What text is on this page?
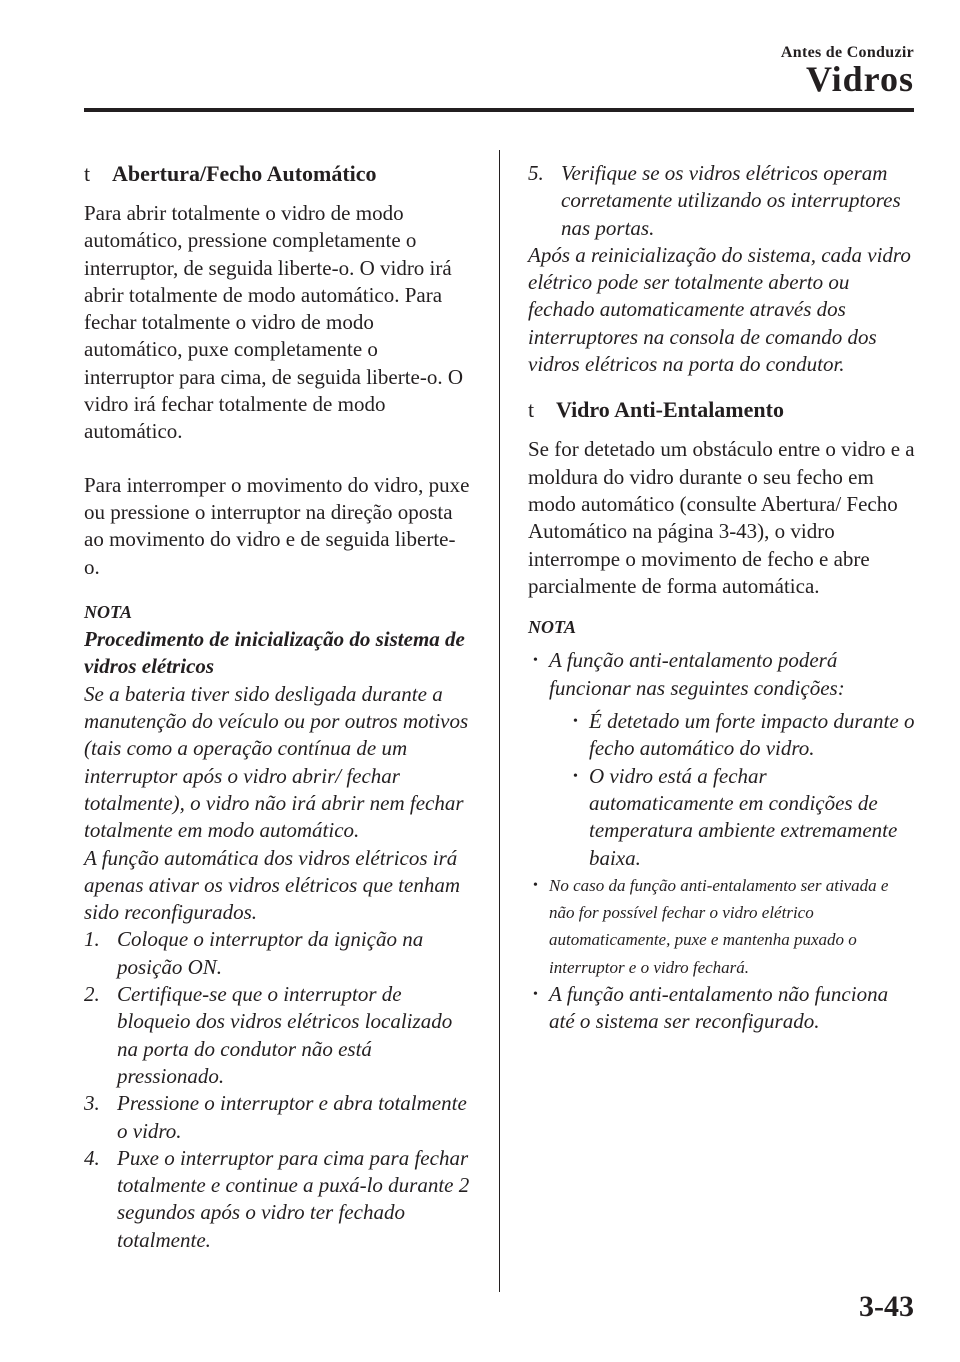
Antes de Conduzir
Vidros
t Abertura/Fecho Automático

Para abrir totalmente o vidro de modo automático, pressione completamente o interruptor, de seguida liberte-o. O vidro irá abrir totalmente de modo automático. Para fechar totalmente o vidro de modo automático, puxe completamente o interruptor para cima, de seguida liberte-o. O vidro irá fechar totalmente de modo automático.

Para interromper o movimento do vidro, puxe ou pressione o interruptor na direção oposta ao movimento do vidro e de seguida liberte-o.

NOTA
Procedimento de inicialização do sistema de vidros elétricos

Se a bateria tiver sido desligada durante a manutenção do veículo ou por outros motivos (tais como a operação contínua de um interruptor após o vidro abrir/ fechar totalmente), o vidro não irá abrir nem fechar totalmente em modo automático.

A função automática dos vidros elétricos irá apenas ativar os vidros elétricos que tenham sido reconfigurados.

1. Coloque o interruptor da ignição na posição ON.
2. Certifique-se que o interruptor de bloqueio dos vidros elétricos localizado na porta do condutor não está pressionado.
3. Pressione o interruptor e abra totalmente o vidro.
4. Puxe o interruptor para cima para fechar totalmente e continue a puxá-lo durante 2 segundos após o vidro ter fechado totalmente.
5. Verifique se os vidros elétricos operam corretamente utilizando os interruptores nas portas.

Após a reinicialização do sistema, cada vidro elétrico pode ser totalmente aberto ou fechado automaticamente através dos interruptores na consola de comando dos vidros elétricos na porta do condutor.

t Vidro Anti-Entalamento

Se for detetado um obstáculo entre o vidro e a moldura do vidro durante o seu fecho em modo automático (consulte Abertura/ Fecho Automático na página 3-43), o vidro interrompe o movimento de fecho e abre parcialmente de forma automática.

NOTA
• A função anti-entalamento poderá funcionar nas seguintes condições:
• É detetado um forte impacto durante o fecho automático do vidro.
• O vidro está a fechar automaticamente em condições de temperatura ambiente extremamente baixa.
• No caso da função anti-entalamento ser ativada e não for possível fechar o vidro elétrico automaticamente, puxe e mantenha puxado o interruptor e o vidro fechará.
• A função anti-entalamento não funciona até o sistema ser reconfigurado.
3-43
